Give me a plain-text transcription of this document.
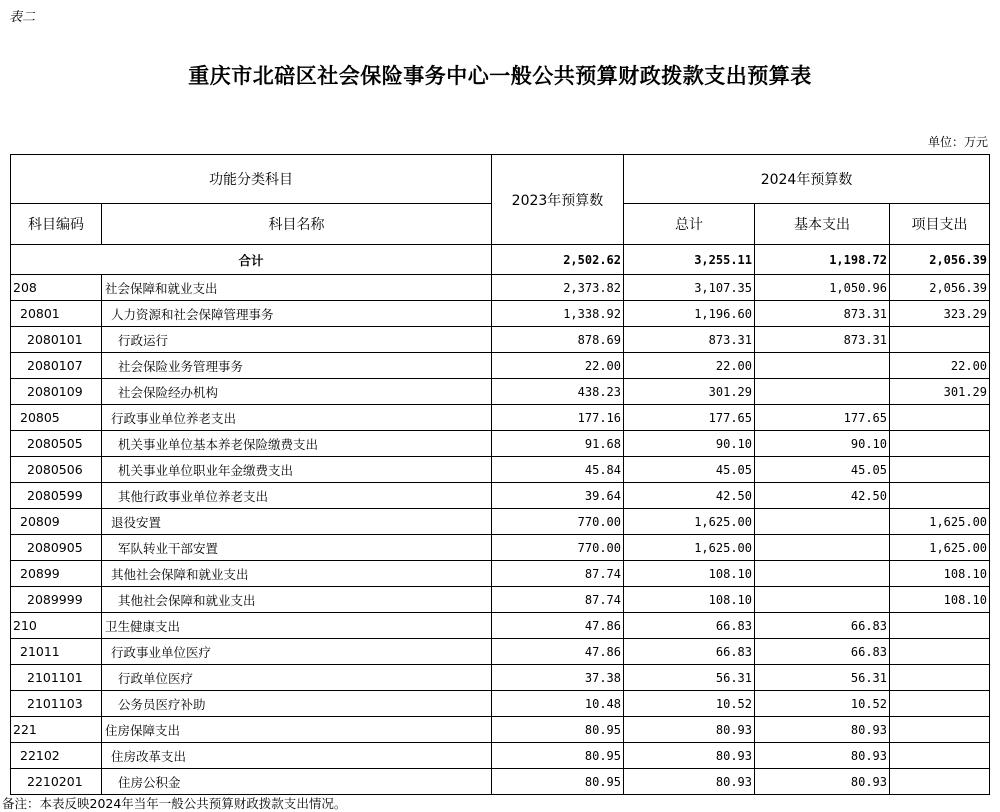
表二
重庆市北碚区社会保险事务中心一般公共预算财政拨款支出预算表
单位：万元
功能分类科目		2023年预算数	2024年预算数		
科目编码	科目名称		总计	基本支出	项目支出
合计		2,502.62	3,255.11	1,198.72	2,056.39
208	社会保障和就业支出	2,373.82	3,107.35	1,050.96	2,056.39
20801	人力资源和社会保障管理事务	1,338.92	1,196.60	873.31	323.29
2080101	行政运行	878.69	873.31	873.31	
2080107	社会保险业务管理事务	22.00	22.00		22.00
2080109	社会保险经办机构	438.23	301.29		301.29
20805	行政事业单位养老支出	177.16	177.65	177.65	
2080505	机关事业单位基本养老保险缴费支出	91.68	90.10	90.10	
2080506	机关事业单位职业年金缴费支出	45.84	45.05	45.05	
2080599	其他行政事业单位养老支出	39.64	42.50	42.50	
20809	退役安置	770.00	1,625.00		1,625.00
2080905	军队转业干部安置	770.00	1,625.00		1,625.00
20899	其他社会保障和就业支出	87.74	108.10		108.10
2089999	其他社会保障和就业支出	87.74	108.10		108.10
210	卫生健康支出	47.86	66.83	66.83	
21011	行政事业单位医疗	47.86	66.83	66.83	
2101101	行政单位医疗	37.38	56.31	56.31	
2101103	公务员医疗补助	10.48	10.52	10.52	
221	住房保障支出	80.95	80.93	80.93	
22102	住房改革支出	80.95	80.93	80.93	
2210201	住房公积金	80.95	80.93	80.93	
备注：本表反映2024年当年一般公共预算财政拨款支出情况。
